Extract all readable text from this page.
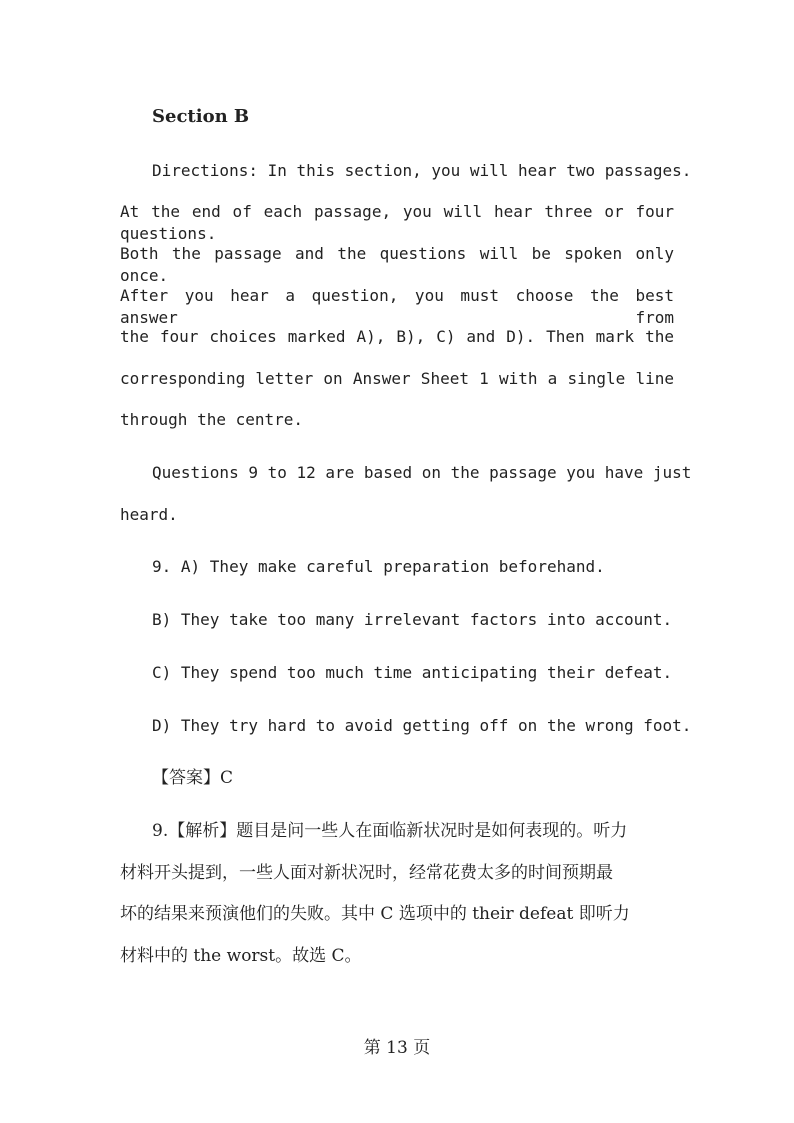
Section B
Directions: In this section, you will hear two passages.
At the end of each passage, you will hear three or four questions.
Both the passage and the questions will be spoken only once.
After you hear a question, you must choose the best answer from
the four choices marked A), B), C) and D). Then mark the
corresponding letter on Answer Sheet 1 with a single line
through the centre.
Questions 9 to 12 are based on the passage you have just
heard.
9. A) They make careful preparation beforehand.
B) They take too many irrelevant factors into account.
C) They spend too much time anticipating their defeat.
D) They try hard to avoid getting off on the wrong foot.
【答案】C
9.【解析】题目是问一些人在面临新状况时是如何表现的。听力
材料开头提到，一些人面对新状况时，经常花费太多的时间预期最
坏的结果来预演他们的失败。其中 C 选项中的 their defeat 即听力
材料中的 the worst。故选 C。
第 13 页
